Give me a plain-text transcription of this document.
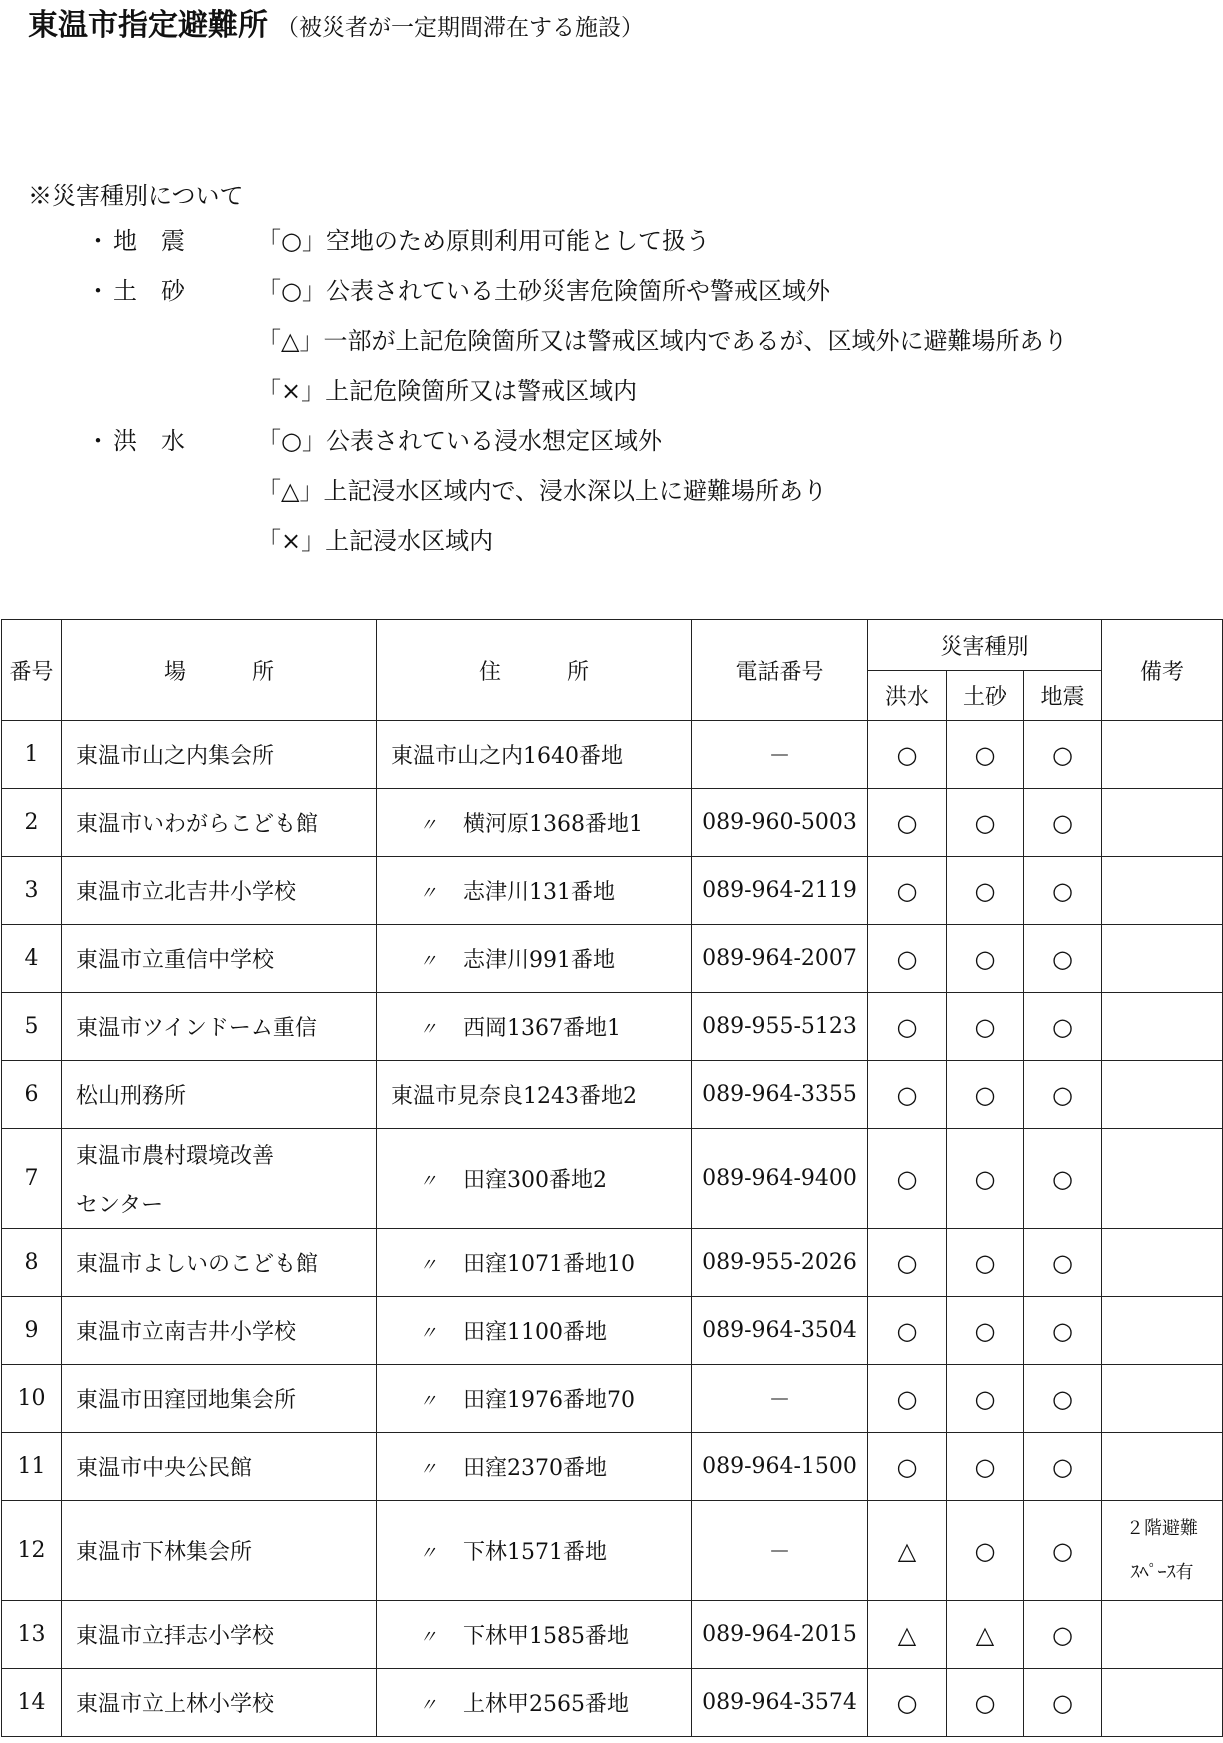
東温市指定避難所 （被災者が一定期間滞在する施設）
※災害種別について
・ 地　震	「○」空地のため原則利用可能として扱う
・ 土　砂	「○」公表されている土砂災害危険箇所や警戒区域外
「△」一部が上記危険箇所又は警戒区域内であるが、区域外に避難場所あり
「×」上記危険箇所又は警戒区域内
・ 洪　水	「○」公表されている浸水想定区域外
「△」上記浸水区域内で、浸水深以上に避難場所あり
「×」上記浸水区域内
番号	場　　　所	住　　　所	電話番号	災害種別			備考
				洪水	土砂	地震	
1	東温市山之内集会所	東温市山之内1640番地	－	○	○	○	
2	東温市いわがらこども館	〃 横河原1368番地1	089-960-5003	○	○	○	
3	東温市立北吉井小学校	〃 志津川131番地	089-964-2119	○	○	○	
4	東温市立重信中学校	〃 志津川991番地	089-964-2007	○	○	○	
5	東温市ツインドーム重信	〃 西岡1367番地1	089-955-5123	○	○	○	
6	松山刑務所	東温市見奈良1243番地2	089-964-3355	○	○	○	
7	東温市農村環境改善
センター	〃 田窪300番地2	089-964-9400	○	○	○	
8	東温市よしいのこども館	〃 田窪1071番地10	089-955-2026	○	○	○	
9	東温市立南吉井小学校	〃 田窪1100番地	089-964-3504	○	○	○	
10	東温市田窪団地集会所	〃 田窪1976番地70	－	○	○	○	
11	東温市中央公民館	〃 田窪2370番地	089-964-1500	○	○	○	
12	東温市下林集会所	〃 下林1571番地	－	△	○	○	２階避難
ｽﾍﾟｰｽ有

13	東温市立拝志小学校	〃 下林甲1585番地	089-964-2015	△	△	○	
14	東温市立上林小学校	〃 上林甲2565番地	089-964-3574	○	○	○	
